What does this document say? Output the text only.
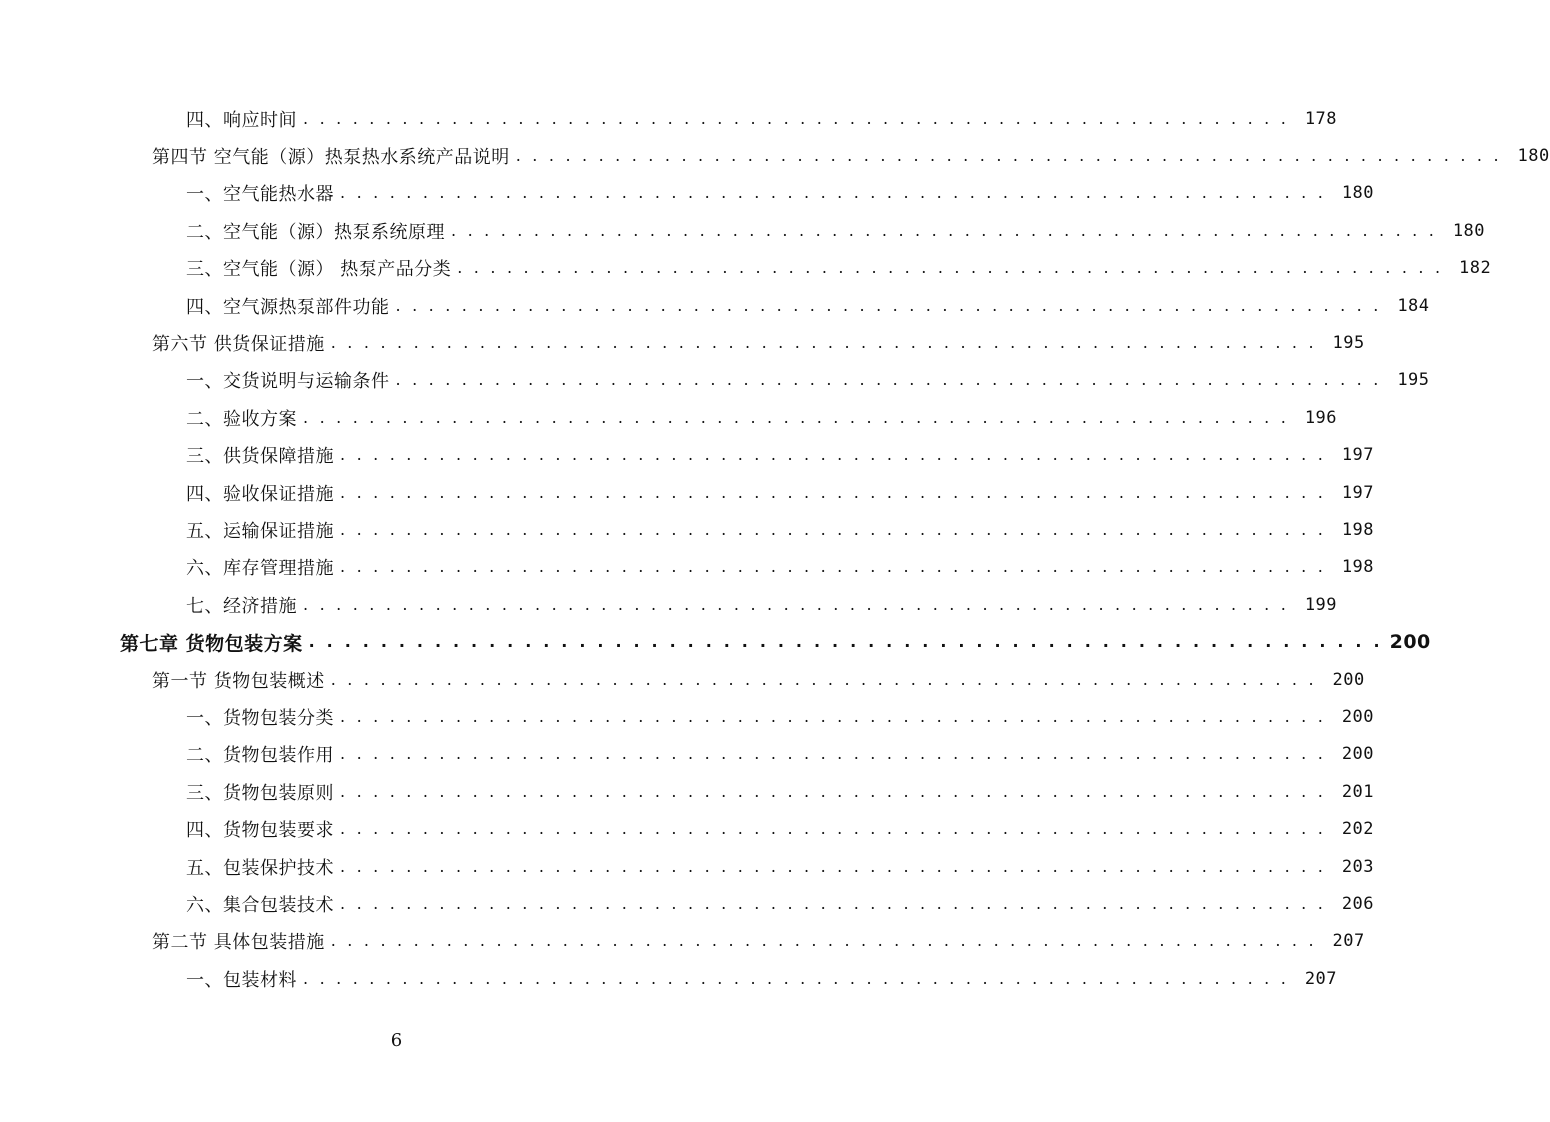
四、响应时间 . . . . . . . . . . . . . . . . . . . . . . . . . . . . . . . . . . . . . . . . . . . . . . . . . . . . . . . . . . . . 178
第四节 空气能（源）热泵热水系统产品说明 . . . . . . . . . . . . . . . . . . . . . . . . . . . . . . . . . . . . . . . . . . . . . . . . . . . . . . . . . . . . 180
一、空气能热水器 . . . . . . . . . . . . . . . . . . . . . . . . . . . . . . . . . . . . . . . . . . . . . . . . . . . . . . . . . . . . 180
二、空气能（源）热泵系统原理 . . . . . . . . . . . . . . . . . . . . . . . . . . . . . . . . . . . . . . . . . . . . . . . . . . . . . . . . . . . . 180
三、空气能（源） 热泵产品分类 . . . . . . . . . . . . . . . . . . . . . . . . . . . . . . . . . . . . . . . . . . . . . . . . . . . . . . . . . . . . 182
四、空气源热泵部件功能 . . . . . . . . . . . . . . . . . . . . . . . . . . . . . . . . . . . . . . . . . . . . . . . . . . . . . . . . . . . . 184
第六节 供货保证措施 . . . . . . . . . . . . . . . . . . . . . . . . . . . . . . . . . . . . . . . . . . . . . . . . . . . . . . . . . . . . 195
一、交货说明与运输条件 . . . . . . . . . . . . . . . . . . . . . . . . . . . . . . . . . . . . . . . . . . . . . . . . . . . . . . . . . . . . 195
二、验收方案 . . . . . . . . . . . . . . . . . . . . . . . . . . . . . . . . . . . . . . . . . . . . . . . . . . . . . . . . . . . . 196
三、供货保障措施 . . . . . . . . . . . . . . . . . . . . . . . . . . . . . . . . . . . . . . . . . . . . . . . . . . . . . . . . . . . . 197
四、验收保证措施 . . . . . . . . . . . . . . . . . . . . . . . . . . . . . . . . . . . . . . . . . . . . . . . . . . . . . . . . . . . . 197
五、运输保证措施 . . . . . . . . . . . . . . . . . . . . . . . . . . . . . . . . . . . . . . . . . . . . . . . . . . . . . . . . . . . . 198
六、库存管理措施 . . . . . . . . . . . . . . . . . . . . . . . . . . . . . . . . . . . . . . . . . . . . . . . . . . . . . . . . . . . . 198
七、经济措施 . . . . . . . . . . . . . . . . . . . . . . . . . . . . . . . . . . . . . . . . . . . . . . . . . . . . . . . . . . . . 199
第七章 货物包装方案 . . . . . . . . . . . . . . . . . . . . . . . . . . . . . . . . . . . . . . . . . . . . . . . . . . . . . . . . . . . . 200
第一节 货物包装概述 . . . . . . . . . . . . . . . . . . . . . . . . . . . . . . . . . . . . . . . . . . . . . . . . . . . . . . . . . . . . 200
一、货物包装分类 . . . . . . . . . . . . . . . . . . . . . . . . . . . . . . . . . . . . . . . . . . . . . . . . . . . . . . . . . . . . 200
二、货物包装作用 . . . . . . . . . . . . . . . . . . . . . . . . . . . . . . . . . . . . . . . . . . . . . . . . . . . . . . . . . . . . 200
三、货物包装原则 . . . . . . . . . . . . . . . . . . . . . . . . . . . . . . . . . . . . . . . . . . . . . . . . . . . . . . . . . . . . 201
四、货物包装要求 . . . . . . . . . . . . . . . . . . . . . . . . . . . . . . . . . . . . . . . . . . . . . . . . . . . . . . . . . . . . 202
五、包装保护技术 . . . . . . . . . . . . . . . . . . . . . . . . . . . . . . . . . . . . . . . . . . . . . . . . . . . . . . . . . . . . 203
六、集合包装技术 . . . . . . . . . . . . . . . . . . . . . . . . . . . . . . . . . . . . . . . . . . . . . . . . . . . . . . . . . . . . 206
第二节 具体包装措施 . . . . . . . . . . . . . . . . . . . . . . . . . . . . . . . . . . . . . . . . . . . . . . . . . . . . . . . . . . . . 207
一、包装材料 . . . . . . . . . . . . . . . . . . . . . . . . . . . . . . . . . . . . . . . . . . . . . . . . . . . . . . . . . . . . 207
6
